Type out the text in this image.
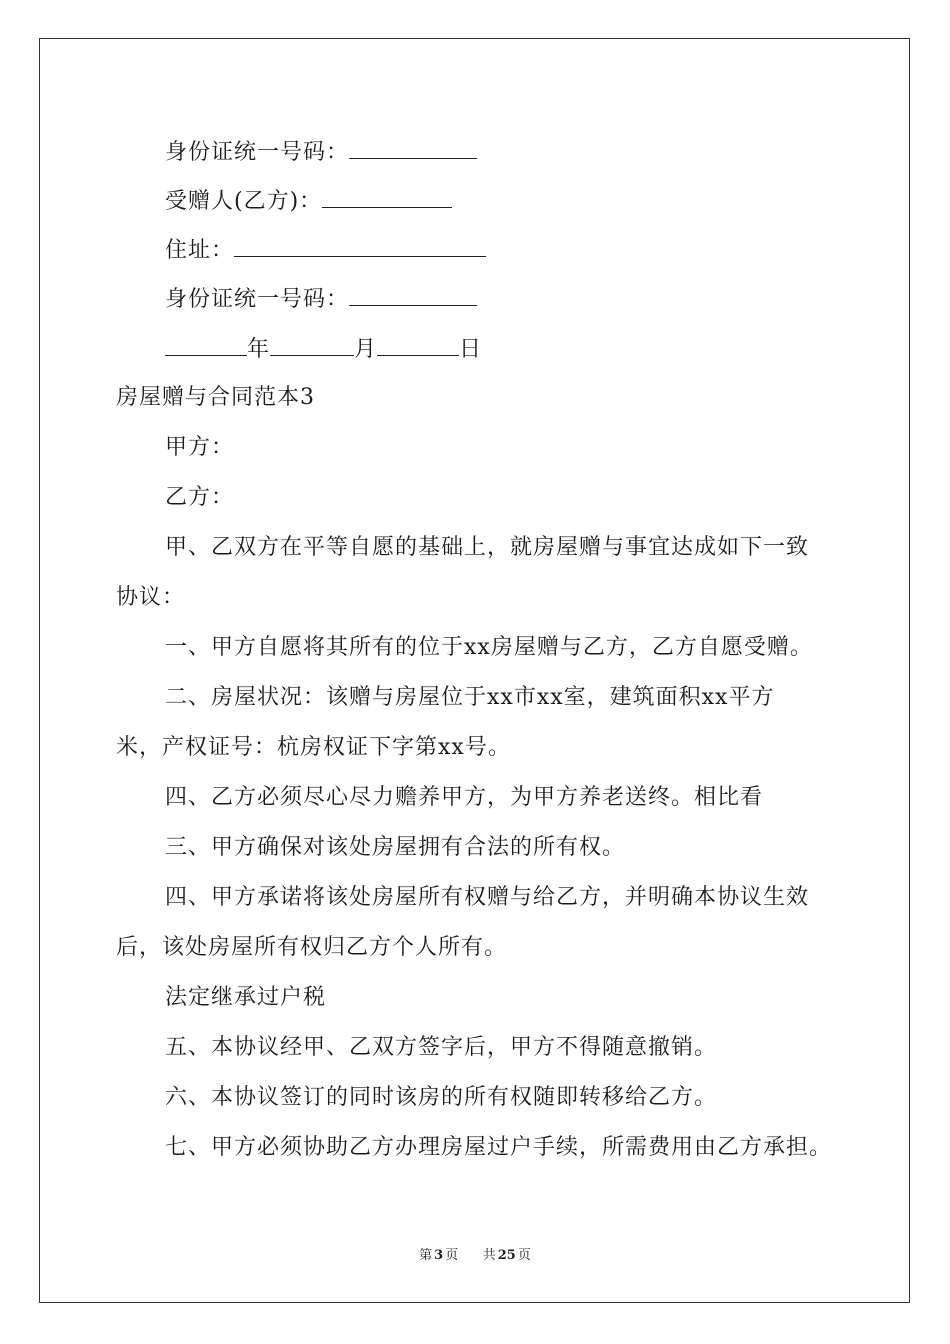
身份证统一号码：
受赠人(乙方)：
住址：
身份证统一号码：
年	月	日
房屋赠与合同范本3
甲方：
乙方：
甲、乙双方在平等自愿的基础上，就房屋赠与事宜达成如下一致
协议：
一、甲方自愿将其所有的位于xx房屋赠与乙方，乙方自愿受赠。
二、房屋状况：该赠与房屋位于xx市xx室，建筑面积xx平方
米，产权证号：杭房权证下字第xx号。
四、乙方必须尽心尽力赡养甲方，为甲方养老送终。相比看
三、甲方确保对该处房屋拥有合法的所有权。
四、甲方承诺将该处房屋所有权赠与给乙方，并明确本协议生效
后，该处房屋所有权归乙方个人所有。
法定继承过户税
五、本协议经甲、乙双方签字后，甲方不得随意撤销。
六、本协议签订的同时该房的所有权随即转移给乙方。
七、甲方必须协助乙方办理房屋过户手续，所需费用由乙方承担。
第 3 页 共 25 页
